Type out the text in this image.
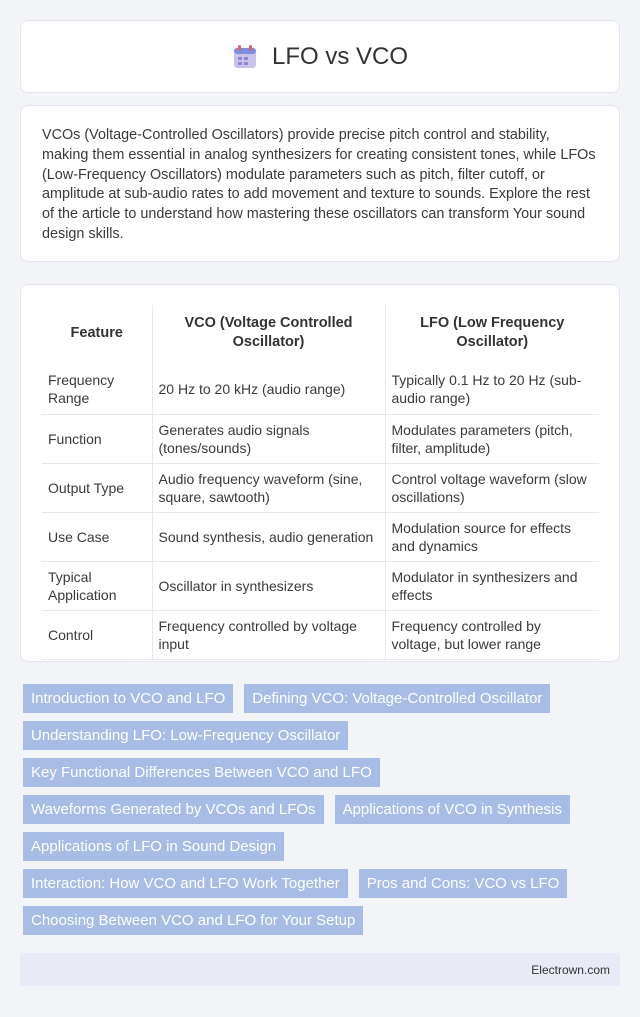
LFO vs VCO

VCOs (Voltage-Controlled Oscillators) provide precise pitch control and stability, making them essential in analog synthesizers for creating consistent tones, while LFOs (Low-Frequency Oscillators) modulate parameters such as pitch, filter cutoff, or amplitude at sub-audio rates to add movement and texture to sounds. Explore the rest of the article to understand how mastering these oscillators can transform Your sound design skills.

Feature	VCO (Voltage Controlled Oscillator)	LFO (Low Frequency Oscillator)
Frequency Range	20 Hz to 20 kHz (audio range)	Typically 0.1 Hz to 20 Hz (sub-audio range)
Function	Generates audio signals (tones/sounds)	Modulates parameters (pitch, filter, amplitude)
Output Type	Audio frequency waveform (sine, square, sawtooth)	Control voltage waveform (slow oscillations)
Use Case	Sound synthesis, audio generation	Modulation source for effects and dynamics
Typical Application	Oscillator in synthesizers	Modulator in synthesizers and effects
Control	Frequency controlled by voltage input	Frequency controlled by voltage, but lower range
Introduction to VCO and LFO	Defining VCO: Voltage-Controlled Oscillator
Understanding LFO: Low-Frequency Oscillator
Key Functional Differences Between VCO and LFO
Waveforms Generated by VCOs and LFOs	Applications of VCO in Synthesis
Applications of LFO in Sound Design
Interaction: How VCO and LFO Work Together	Pros and Cons: VCO vs LFO
Choosing Between VCO and LFO for Your Setup
Electrown.com
